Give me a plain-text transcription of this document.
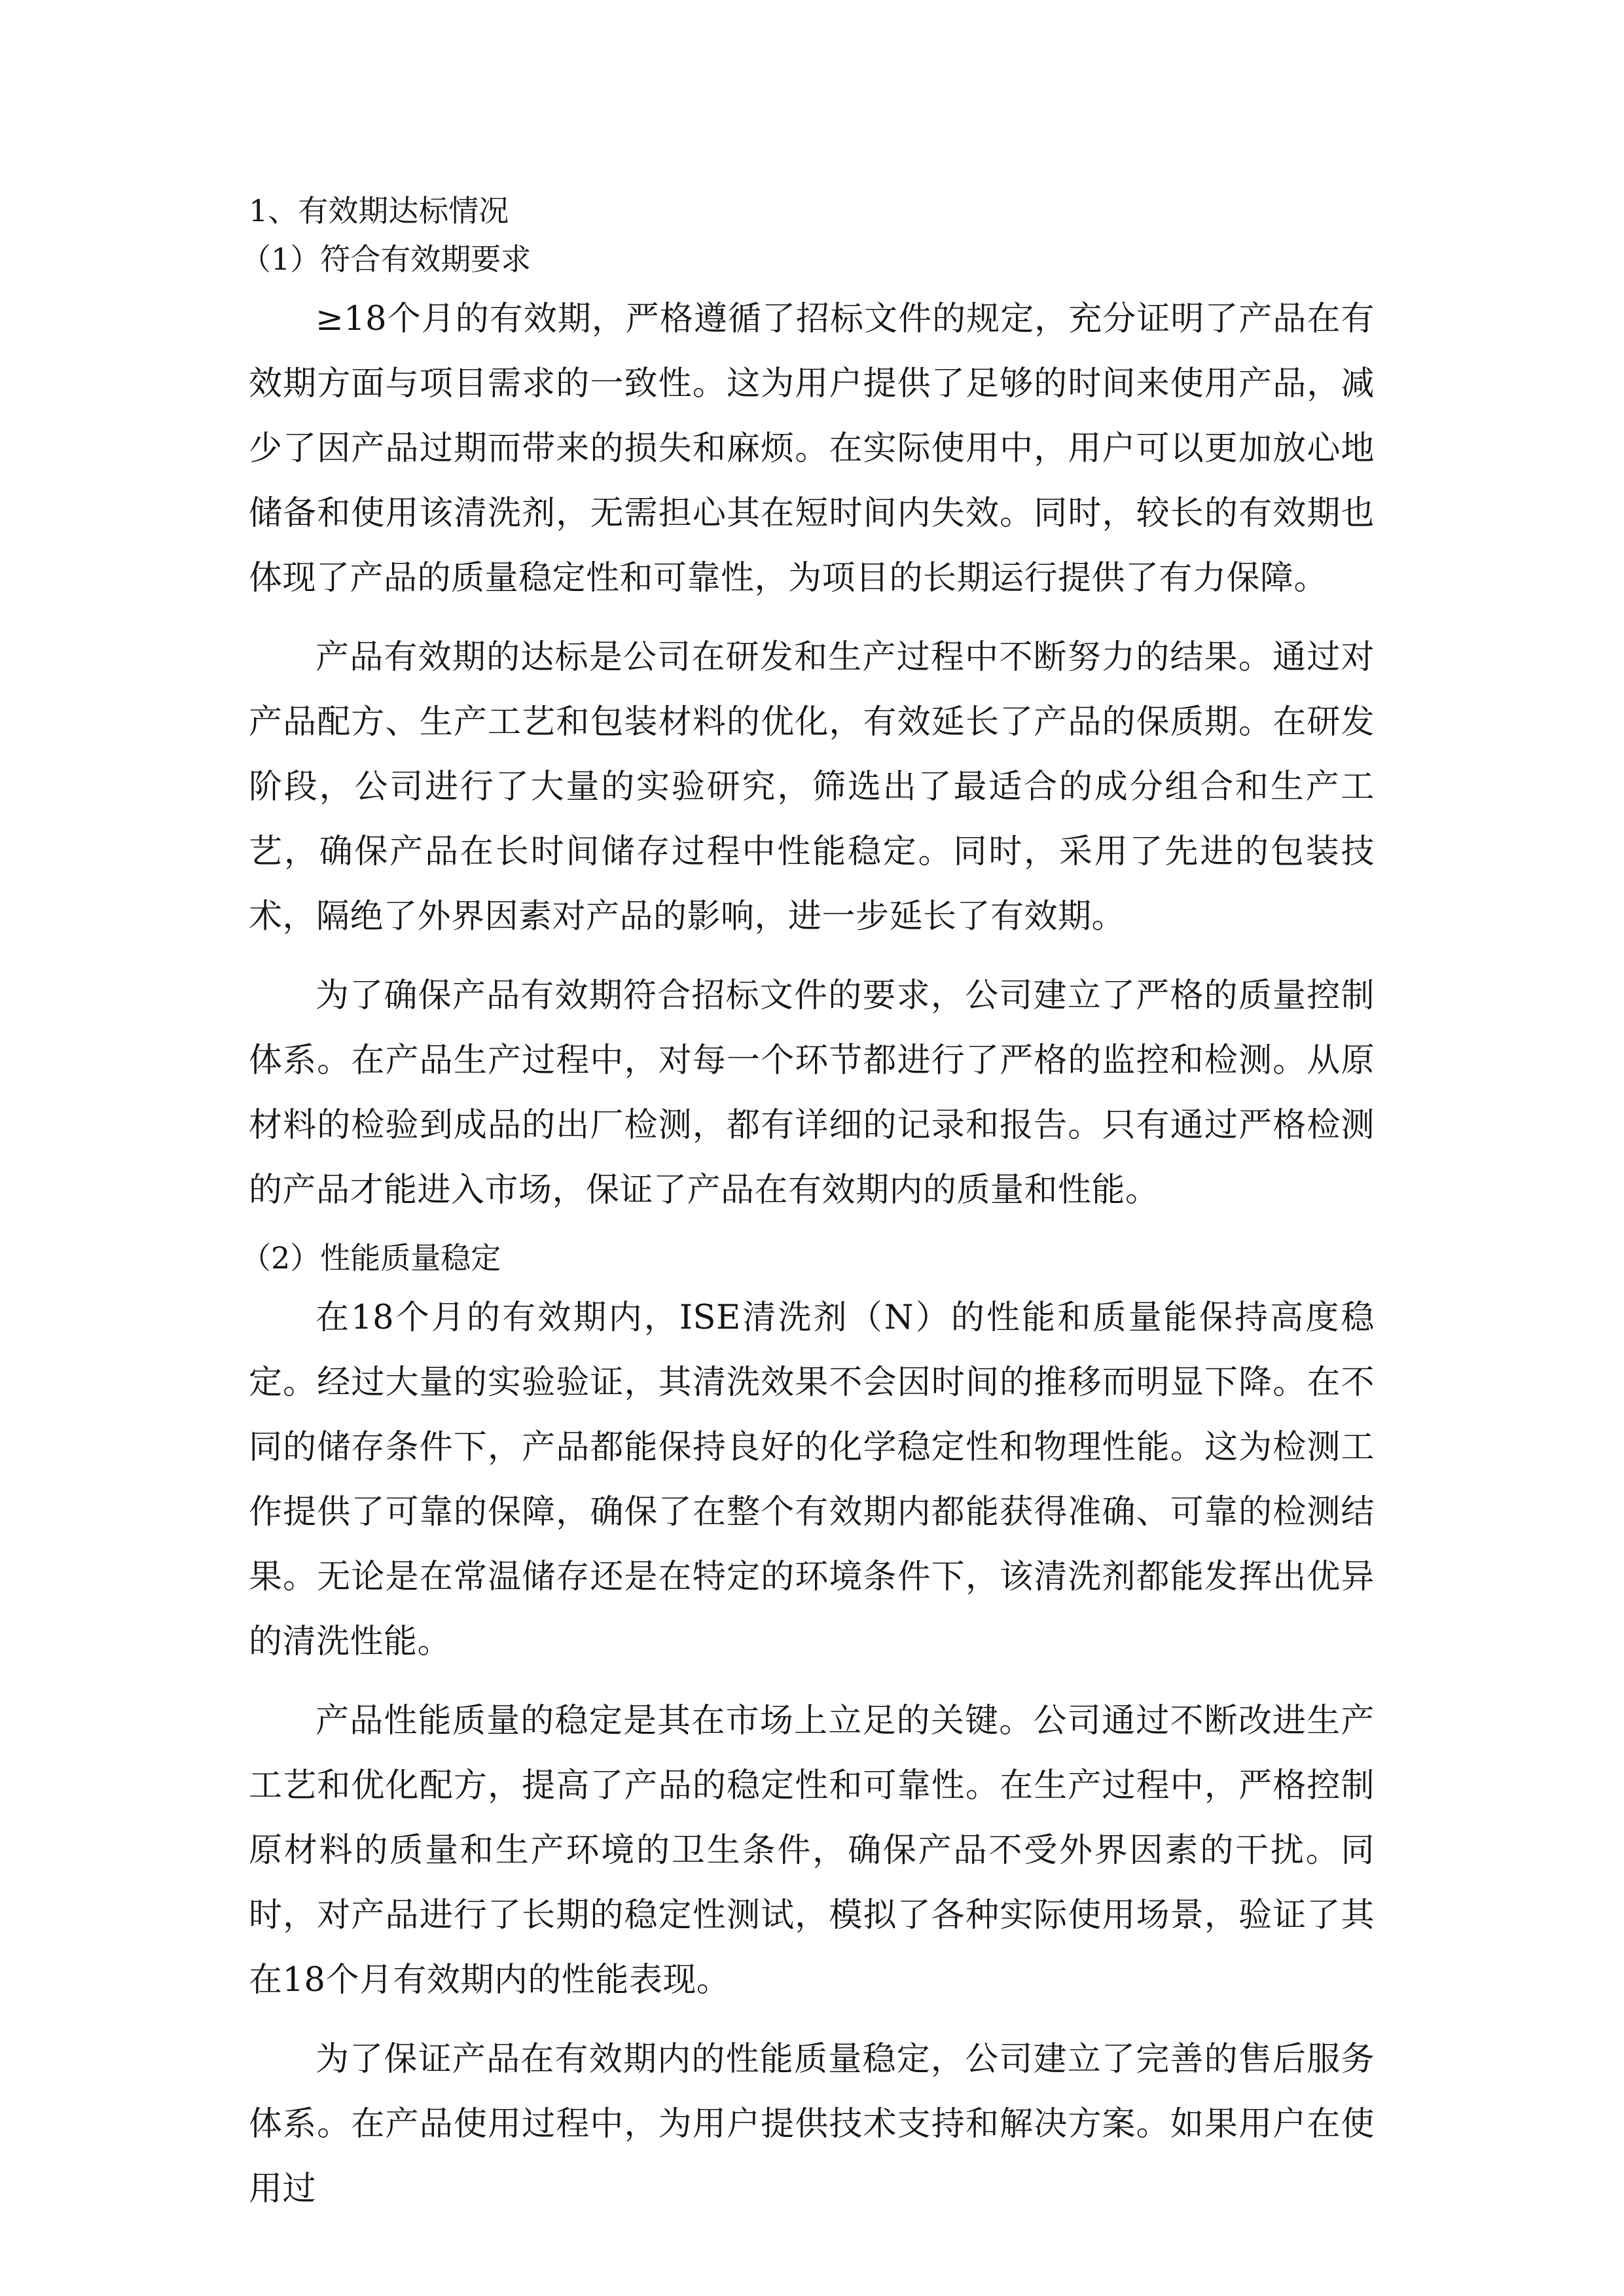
1、有效期达标情况

（1）符合有效期要求

≥18个月的有效期，严格遵循了招标文件的规定，充分证明了产品在有效期方面与项目需求的一致性。这为用户提供了足够的时间来使用产品，减少了因产品过期而带来的损失和麻烦。在实际使用中，用户可以更加放心地储备和使用该清洗剂，无需担心其在短时间内失效。同时，较长的有效期也体现了产品的质量稳定性和可靠性，为项目的长期运行提供了有力保障。

产品有效期的达标是公司在研发和生产过程中不断努力的结果。通过对产品配方、生产工艺和包装材料的优化，有效延长了产品的保质期。在研发阶段，公司进行了大量的实验研究，筛选出了最适合的成分组合和生产工艺，确保产品在长时间储存过程中性能稳定。同时，采用了先进的包装技术，隔绝了外界因素对产品的影响，进一步延长了有效期。

为了确保产品有效期符合招标文件的要求，公司建立了严格的质量控制体系。在产品生产过程中，对每一个环节都进行了严格的监控和检测。从原材料的检验到成品的出厂检测，都有详细的记录和报告。只有通过严格检测的产品才能进入市场，保证了产品在有效期内的质量和性能。

（2）性能质量稳定

在18个月的有效期内，ISE清洗剂（N）的性能和质量能保持高度稳定。经过大量的实验验证，其清洗效果不会因时间的推移而明显下降。在不同的储存条件下，产品都能保持良好的化学稳定性和物理性能。这为检测工作提供了可靠的保障，确保了在整个有效期内都能获得准确、可靠的检测结果。无论是在常温储存还是在特定的环境条件下，该清洗剂都能发挥出优异的清洗性能。

产品性能质量的稳定是其在市场上立足的关键。公司通过不断改进生产工艺和优化配方，提高了产品的稳定性和可靠性。在生产过程中，严格控制原材料的质量和生产环境的卫生条件，确保产品不受外界因素的干扰。同时，对产品进行了长期的稳定性测试，模拟了各种实际使用场景，验证了其在18个月有效期内的性能表现。

为了保证产品在有效期内的性能质量稳定，公司建立了完善的售后服务体系。在产品使用过程中，为用户提供技术支持和解决方案。如果用户在使用过
